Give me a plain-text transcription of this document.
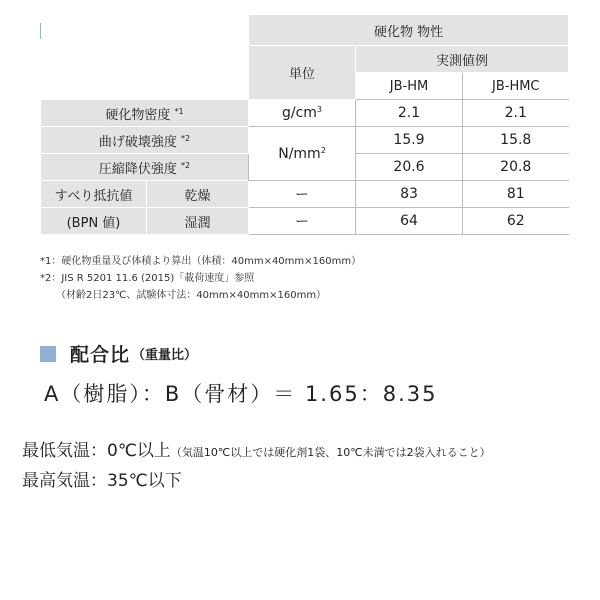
		硬化物 物性		
		単位	実測値例	
			JB-HM	JB-HMC
硬化物密度 $^{*1}$		$g/cm^3$	2.1	2.1
曲げ破壊強度 $^{*2}$		$N/mm^2$	15.9	15.8
圧縮降伏強度 $^{*2}$			20.6	20.8
すべり抵抗値	乾燥	ー	83	81
(BPN 値)	湿潤	ー	64	62
*1：硬化物重量及び体積より算出（体積：40mm×40mm×160mm）
*2：JIS R 5201 11.6 (2015)「載荷速度」参照
（材齢2日23℃、試験体寸法：40mm×40mm×160mm）
配合比 （重量比）
A（樹脂）：B（骨材）＝ 1.65：8.35
最低気温：0℃以上（気温10℃以上では硬化剤1袋、10℃未満では2袋入れること）
最高気温：35℃以下
